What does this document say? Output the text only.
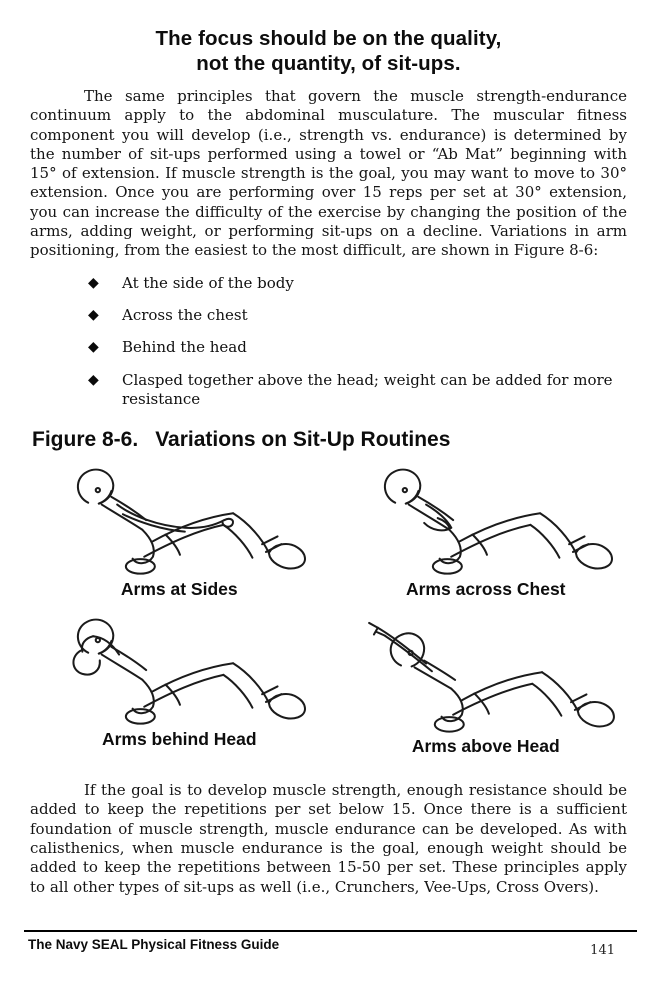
The focus should be on the quality,
not the quantity, of sit-ups.

The same principles that govern the muscle strength-endurance continuum apply to the abdominal musculature. The muscular fitness component you will develop (i.e., strength vs. endurance) is determined by the number of sit-ups performed using a towel or “Ab Mat” beginning with 15° of extension. If muscle strength is the goal, you may want to move to 30° extension. Once you are performing over 15 reps per set at 30° extension, you can increase the difficulty of the exercise by changing the position of the arms, adding weight, or performing sit-ups on a decline. Variations in arm positioning, from the easiest to the most difficult, are shown in Figure 8-6:

◆	At the side of the body
◆	Across the chest
◆	Behind the head
◆	Clasped together above the head; weight can be added for more resistance
Figure 8-6. Variations on Sit-Up Routines
Arms at Sides	Arms across Chest
Arms behind Head	Arms above Head

If the goal is to develop muscle strength, enough resistance should be added to keep the repetitions per set below 15. Once there is a sufficient foundation of muscle strength, muscle endurance can be developed. As with calisthenics, when muscle endurance is the goal, enough weight should be added to keep the repetitions between 15-50 per set. These principles apply to all other types of sit-ups as well (i.e., Crunchers, Vee-Ups, Cross Overs).

The Navy SEAL Physical Fitness Guide	141
